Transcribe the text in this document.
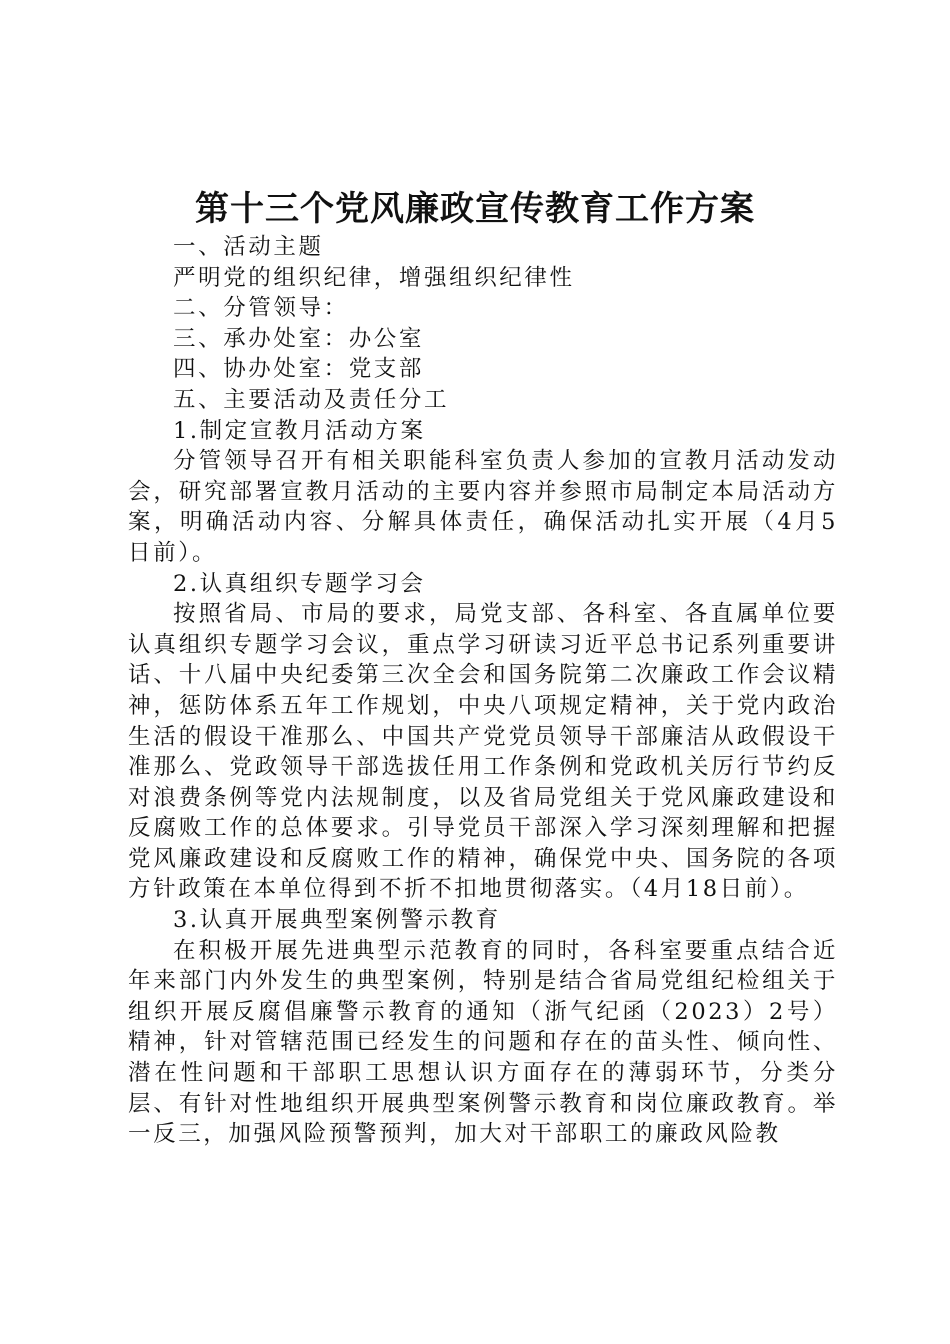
第十三个党风廉政宣传教育工作方案

一、活动主题

严明党的组织纪律，增强组织纪律性

二、分管领导：

三、承办处室：办公室

四、协办处室：党支部

五、主要活动及责任分工

1.制定宣教月活动方案

分管领导召开有相关职能科室负责人参加的宣教月活动发动会，研究部署宣教月活动的主要内容并参照市局制定本局活动方案，明确活动内容、分解具体责任，确保活动扎实开展（4月5日前）。

2.认真组织专题学习会

按照省局、市局的要求，局党支部、各科室、各直属单位要认真组织专题学习会议，重点学习研读习近平总书记系列重要讲话、十八届中央纪委第三次全会和国务院第二次廉政工作会议精神，惩防体系五年工作规划，中央八项规定精神，关于党内政治生活的假设干准那么、中国共产党党员领导干部廉洁从政假设干准那么、党政领导干部选拔任用工作条例和党政机关厉行节约反对浪费条例等党内法规制度，以及省局党组关于党风廉政建设和反腐败工作的总体要求。引导党员干部深入学习深刻理解和把握党风廉政建设和反腐败工作的精神，确保党中央、国务院的各项方针政策在本单位得到不折不扣地贯彻落实。（4月18日前）。

3.认真开展典型案例警示教育

在积极开展先进典型示范教育的同时，各科室要重点结合近年来部门内外发生的典型案例，特别是结合省局党组纪检组关于组织开展反腐倡廉警示教育的通知（浙气纪函（2023）2号）精神，针对管辖范围已经发生的问题和存在的苗头性、倾向性、潜在性问题和干部职工思想认识方面存在的薄弱环节，分类分层、有针对性地组织开展典型案例警示教育和岗位廉政教育。举一反三，加强风险预警预判，加大对干部职工的廉政风险教
